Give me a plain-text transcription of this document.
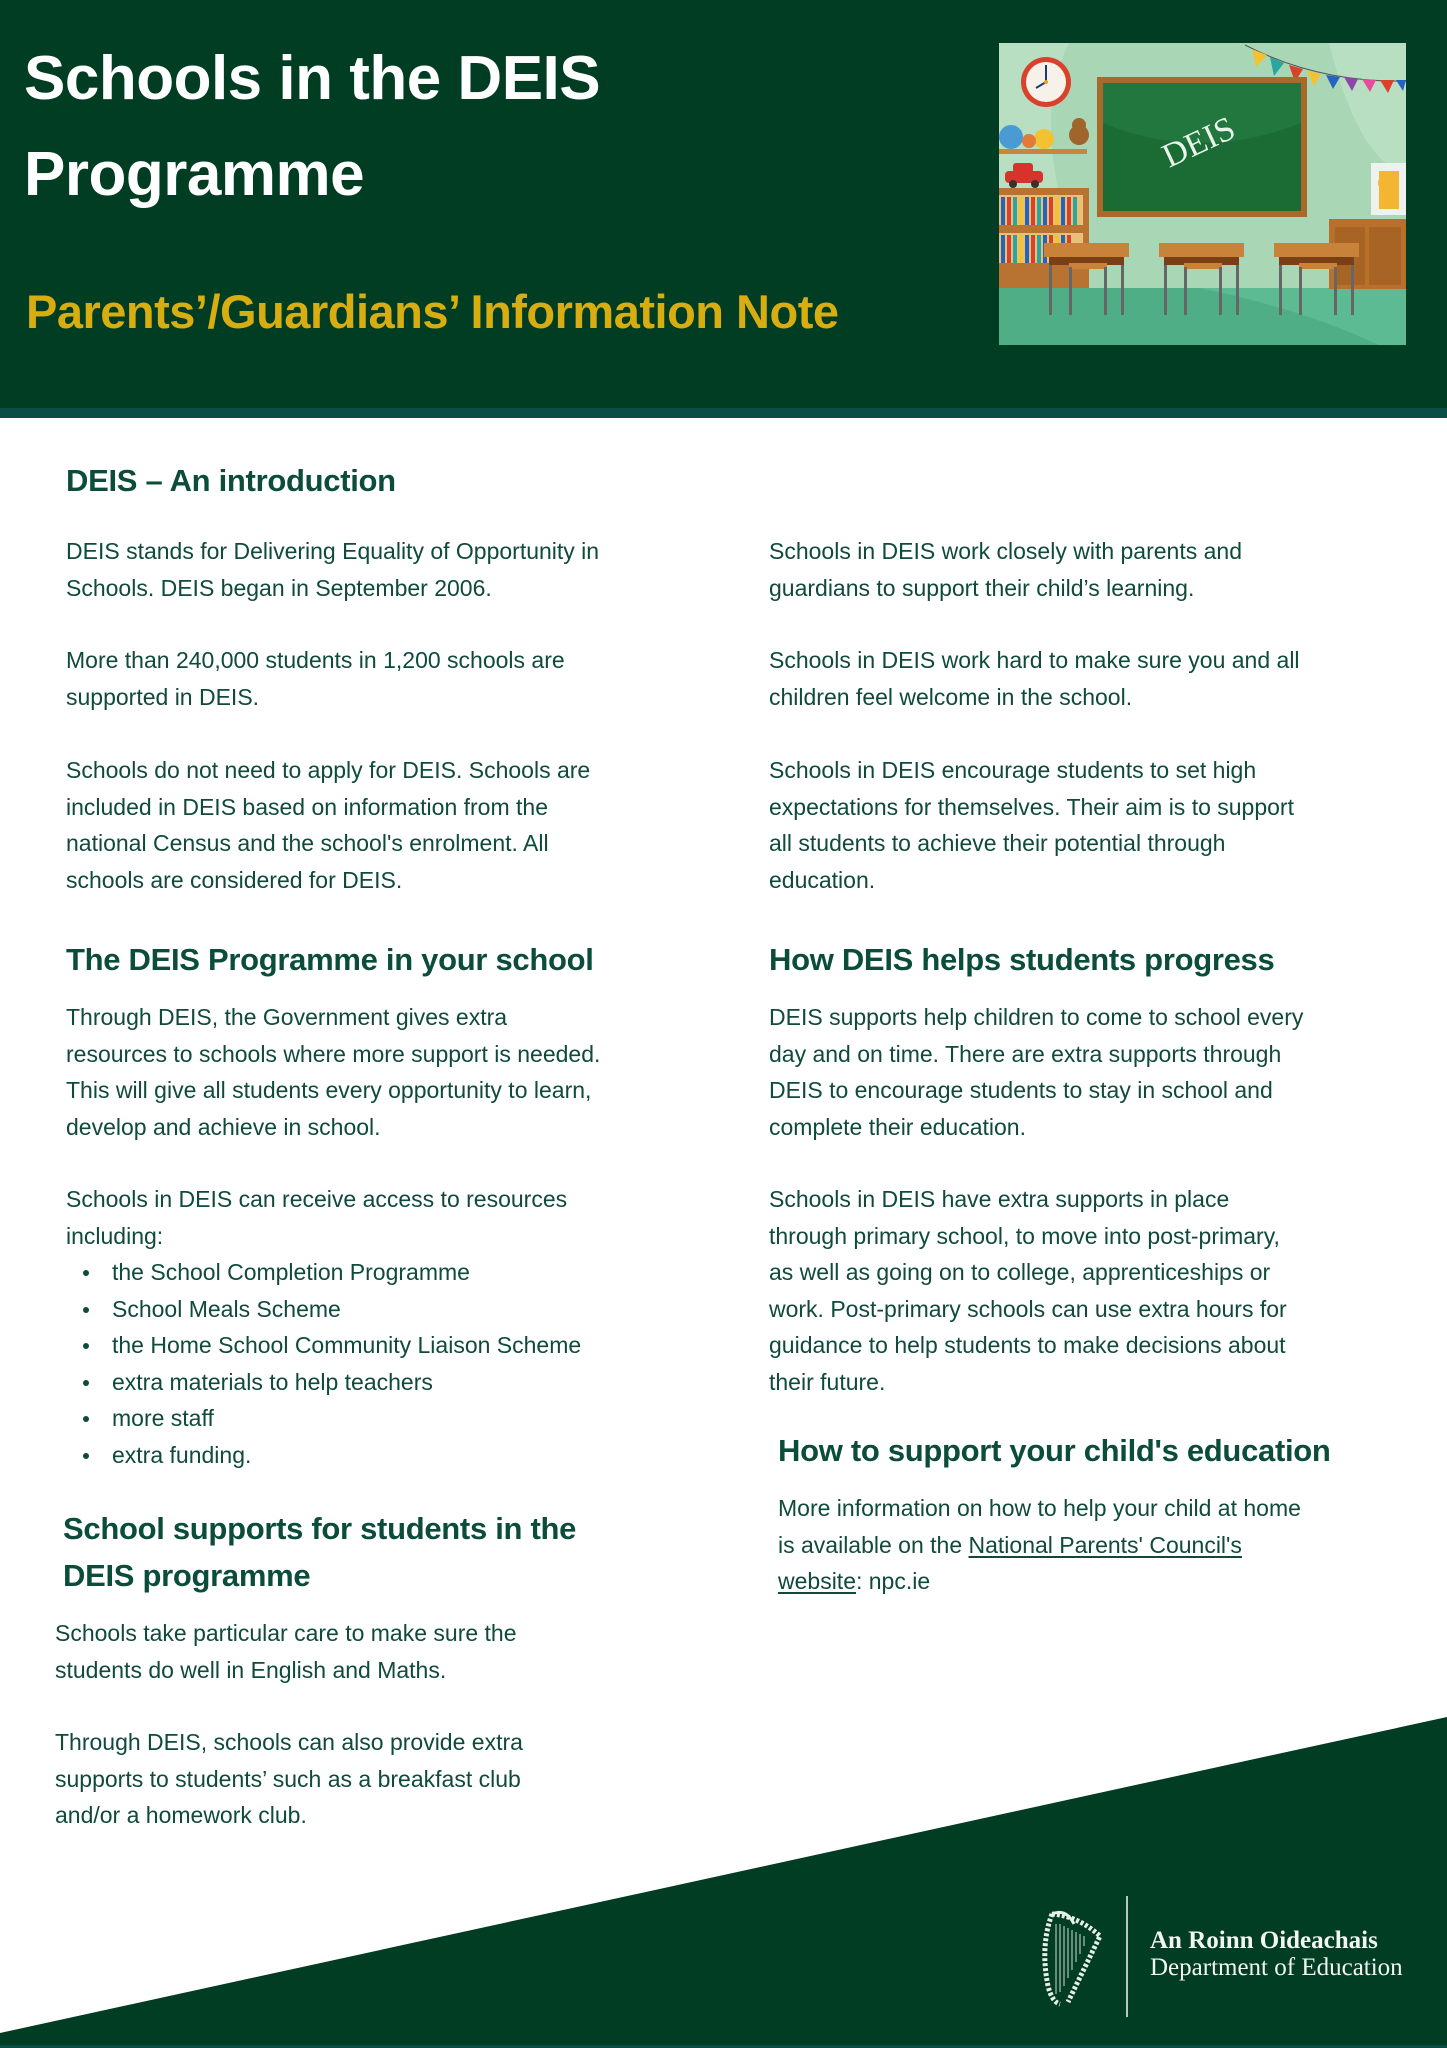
Schools in the DEIS
Programme
Parents’/Guardians’ Information Note
DEIS
DEIS – An introduction
DEIS stands for Delivering Equality of Opportunity in
Schools. DEIS began in September 2006.
More than 240,000 students in 1,200 schools are
supported in DEIS.
Schools do not need to apply for DEIS. Schools are
included in DEIS based on information from the
national Census and the school's enrolment. All
schools are considered for DEIS.
The DEIS Programme in your school
Through DEIS, the Government gives extra
resources to schools where more support is needed.
This will give all students every opportunity to learn,
develop and achieve in school.
Schools in DEIS can receive access to resources
including:
the School Completion Programme
School Meals Scheme
the Home School Community Liaison Scheme
extra materials to help teachers
more staff
extra funding.
School supports for students in the
DEIS programme
Schools take particular care to make sure the
students do well in English and Maths.
Through DEIS, schools can also provide extra
supports to students’ such as a breakfast club
and/or a homework club.
Schools in DEIS work closely with parents and
guardians to support their child’s learning.
Schools in DEIS work hard to make sure you and all
children feel welcome in the school.
Schools in DEIS encourage students to set high
expectations for themselves. Their aim is to support
all students to achieve their potential through
education.
How DEIS helps students progress
DEIS supports help children to come to school every
day and on time. There are extra supports through
DEIS to encourage students to stay in school and
complete their education.
Schools in DEIS have extra supports in place
through primary school, to move into post-primary,
as well as going on to college, apprenticeships or
work. Post-primary schools can use extra hours for
guidance to help students to make decisions about
their future.
How to support your child's education
More information on how to help your child at home
is available on the National Parents' Council's
website: npc.ie

An Roinn Oideachais

Department of Education
